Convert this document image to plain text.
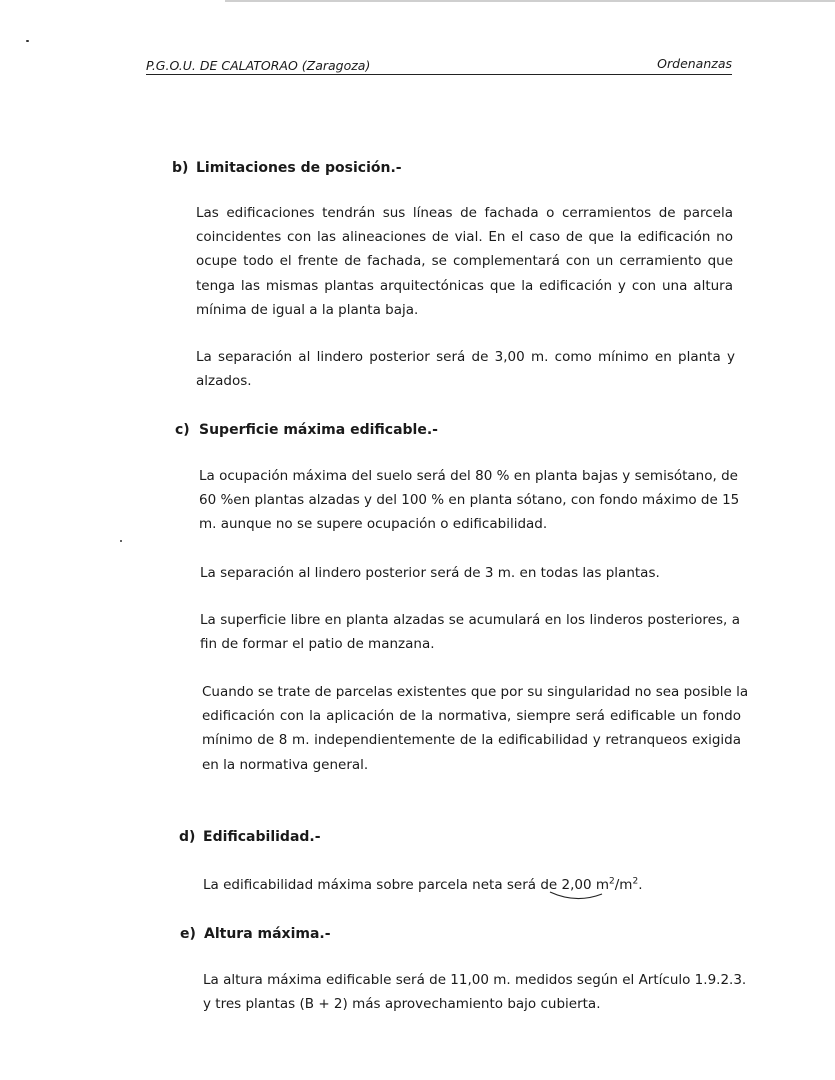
P.G.O.U. DE CALATORAO (Zaragoza)	Ordenanzas
b) Limitaciones de posición.-
Las edificaciones tendrán sus líneas de fachada o cerramientos de parcela
coincidentes con las alineaciones de vial. En el caso de que la edificación no
ocupe todo el frente de fachada, se complementará con un cerramiento que
tenga las mismas plantas arquitectónicas que la edificación y con una altura
mínima de igual a la planta baja.
La separación al lindero posterior será de 3,00 m. como mínimo en planta y
alzados.
c) Superficie máxima edificable.-
La ocupación máxima del suelo será del 80 % en planta bajas y semisótano, de
60 %en plantas alzadas y del 100 % en planta sótano, con fondo máximo de 15
m. aunque no se supere ocupación o edificabilidad.
La separación al lindero posterior será de 3 m. en todas las plantas.
La superficie libre en planta alzadas se acumulará en los linderos posteriores, a
fin de formar el patio de manzana.
Cuando se trate de parcelas existentes que por su singularidad no sea posible la
edificación con la aplicación de la normativa, siempre será edificable un fondo
mínimo de 8 m. independientemente de la edificabilidad y retranqueos exigida
en la normativa general.
d) Edificabilidad.-
La edificabilidad máxima sobre parcela neta será de 2,00 $m^2/m^2$.
e) Altura máxima.-
La altura máxima edificable será de 11,00 m. medidos según el Artículo 1.9.2.3.
y tres plantas (B + 2) más aprovechamiento bajo cubierta.
